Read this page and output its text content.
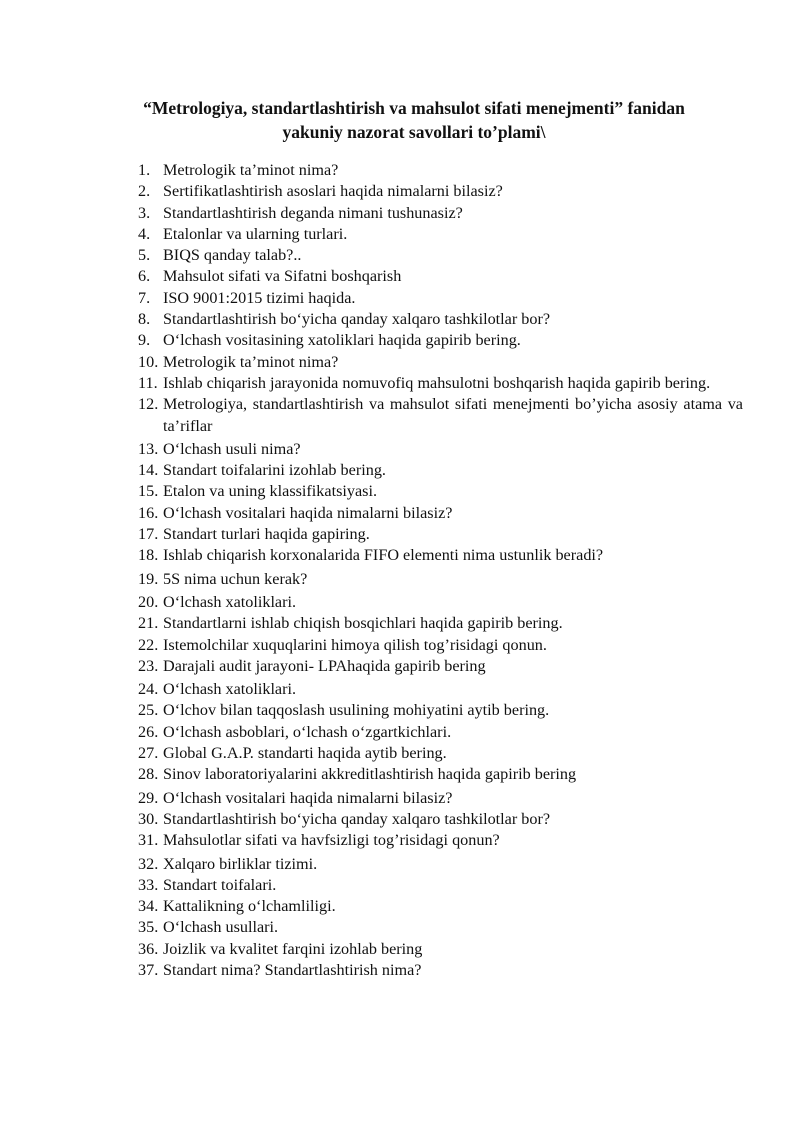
“Metrologiya, standartlashtirish va mahsulot sifati menejmenti” fanidan
yakuniy nazorat savollari to’plami\
1. Metrologik ta’minot nima?
2. Sertifikatlashtirish asoslari haqida nimalarni bilasiz?
3. Standartlashtirish deganda nimani tushunasiz?
4. Etalonlar va ularning turlari.
5. BIQS qanday talab?..
6. Mahsulot sifati va Sifatni boshqarish
7. ISO 9001:2015 tizimi haqida.
8. Standartlashtirish bo‘yicha qanday xalqaro tashkilotlar bor?
9. O‘lchash vositasining xatoliklari haqida gapirib bering.
10. Metrologik ta’minot nima?
11. Ishlab chiqarish jarayonida nomuvofiq mahsulotni boshqarish haqida gapirib bering.
12. Metrologiya, standartlashtirish va mahsulot sifati menejmenti bo’yicha asosiy atama va ta’riflar
13. O‘lchash usuli nima?
14. Standart toifalarini izohlab bering.
15. Etalon va uning klassifikatsiyasi.
16. O‘lchash vositalari haqida nimalarni bilasiz?
17. Standart turlari haqida gapiring.
18. Ishlab chiqarish korxonalarida FIFO elementi nima ustunlik beradi?
19. 5S nima uchun kerak?
20. O‘lchash xatoliklari.
21. Standartlarni ishlab chiqish bosqichlari haqida gapirib bering.
22. Istemolchilar xuquqlarini himoya qilish tog’risidagi qonun.
23. Darajali audit jarayoni- LPAhaqida gapirib bering
24. O‘lchash xatoliklari.
25. O‘lchov bilan taqqoslash usulining mohiyatini aytib bering.
26. O‘lchash asboblari, o‘lchash o‘zgartkichlari.
27. Global G.A.P. standarti haqida aytib bering.
28. Sinov laboratoriyalarini akkreditlashtirish haqida gapirib bering
29. O‘lchash vositalari haqida nimalarni bilasiz?
30. Standartlashtirish bo‘yicha qanday xalqaro tashkilotlar bor?
31. Mahsulotlar sifati va havfsizligi tog’risidagi qonun?
32. Xalqaro birliklar tizimi.
33. Standart toifalari.
34. Kattalikning o‘lchamliligi.
35. O‘lchash usullari.
36. Joizlik va kvalitet farqini izohlab bering
37. Standart nima? Standartlashtirish nima?
